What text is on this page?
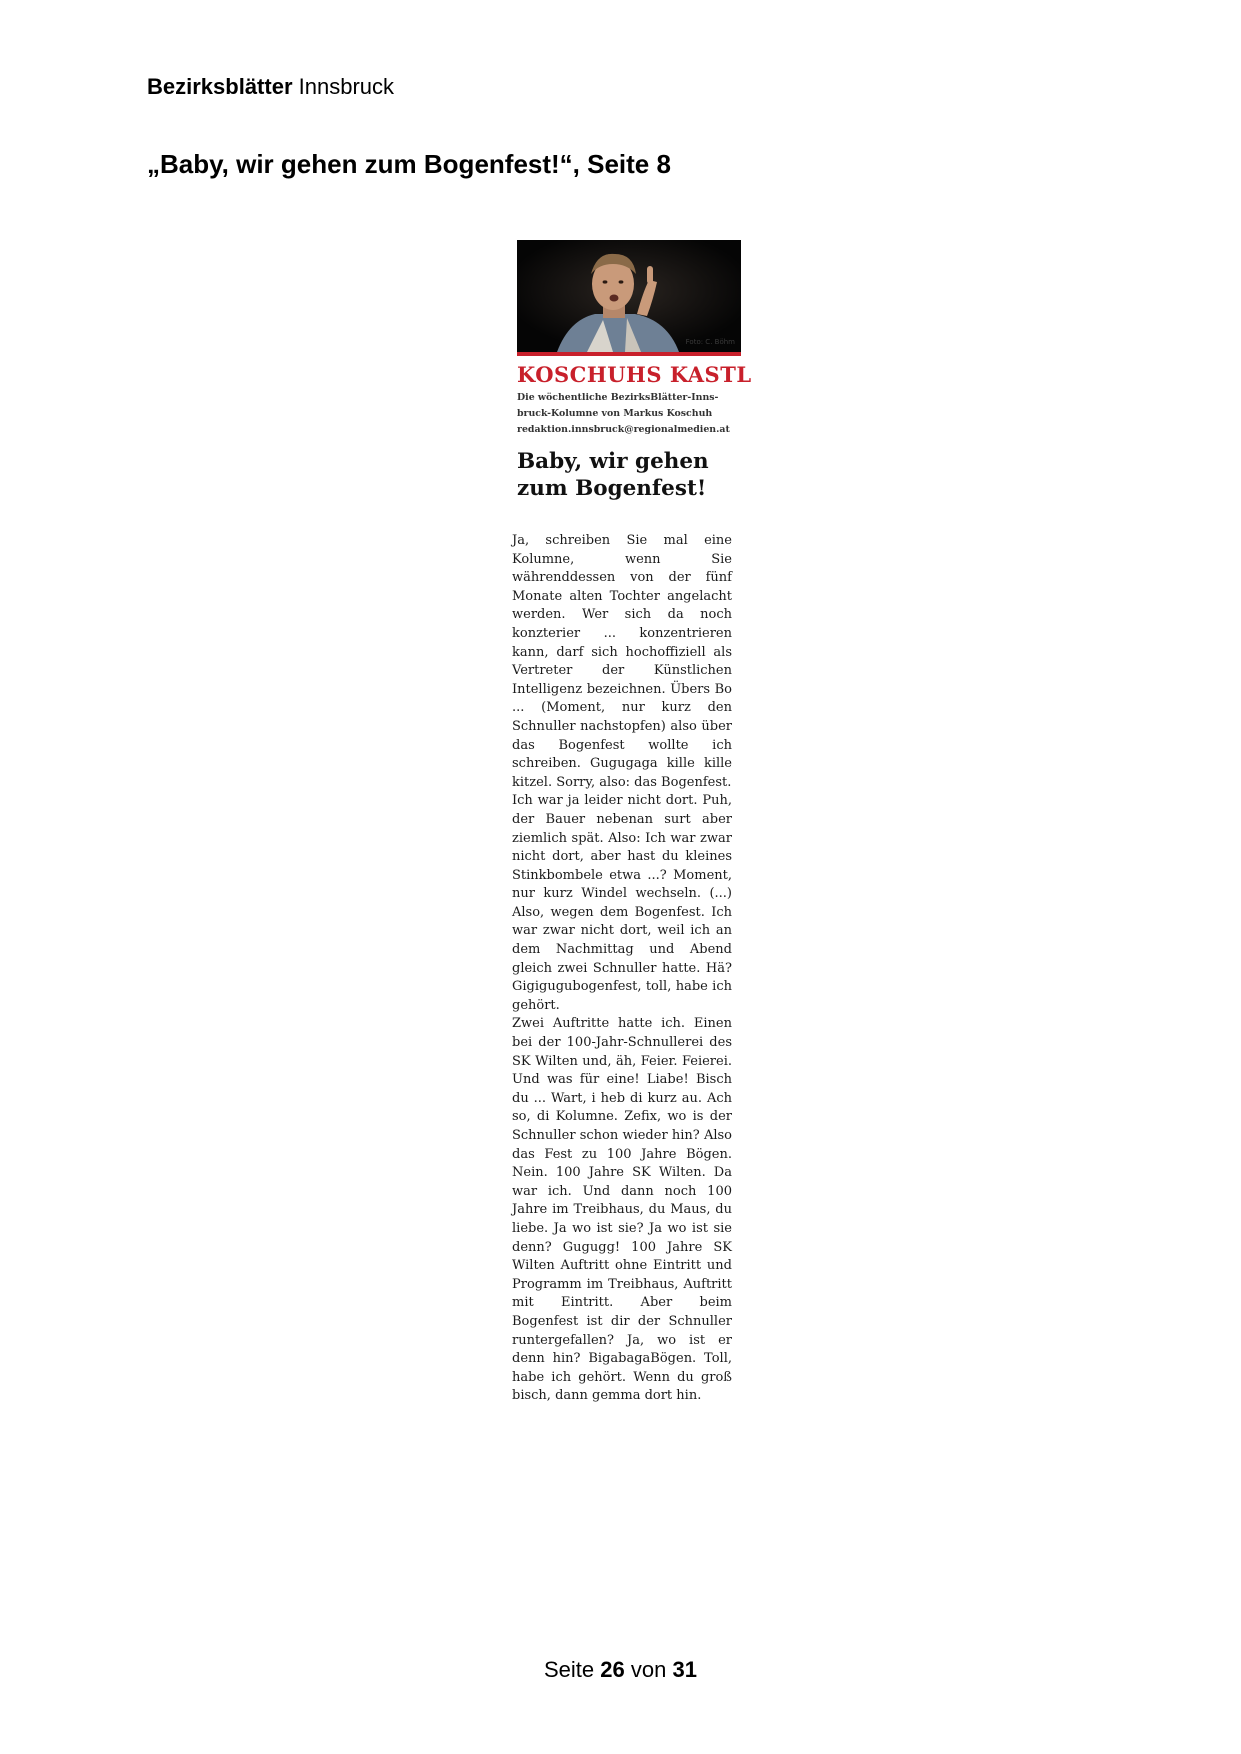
Bezirksblätter Innsbruck
„Baby, wir gehen zum Bogenfest!“, Seite 8
Foto: C. Böhm
KOSCHUHS KASTL
Die wöchentliche BezirksBlätter-Inns-
bruck-Kolumne von Markus Koschuh
redaktion.innsbruck@regionalmedien.at
Baby, wir gehen zum Bogenfest!

Ja, schreiben Sie mal eine Kolumne, wenn Sie währenddessen von der fünf Monate alten Tochter angelacht werden. Wer sich da noch konzterier ... konzentrieren kann, darf sich hochoffiziell als Vertreter der Künstlichen Intelligenz bezeichnen. Übers Bo ... (Moment, nur kurz den Schnuller nachstopfen) also über das Bogenfest wollte ich schreiben. Gugugaga kille kille kitzel. Sorry, also: das Bogenfest.

Ich war ja leider nicht dort. Puh, der Bauer nebenan surt aber ziemlich spät. Also: Ich war zwar nicht dort, aber hast du kleines Stinkbombele etwa ...? Moment, nur kurz Windel wechseln. (...) Also, wegen dem Bogenfest. Ich war zwar nicht dort, weil ich an dem Nachmittag und Abend gleich zwei Schnuller hatte. Hä? Gigigugubogenfest, toll, habe ich gehört.

Zwei Auftritte hatte ich. Einen bei der 100-Jahr-Schnullerei des SK Wilten und, äh, Feier. Feierei. Und was für eine! Liabe! Bisch du ... Wart, i heb di kurz au. Ach so, di Kolumne. Zefix, wo is der Schnuller schon wieder hin? Also das Fest zu 100 Jahre Bögen. Nein. 100 Jahre SK Wilten. Da war ich. Und dann noch 100 Jahre im Treibhaus, du Maus, du liebe. Ja wo ist sie? Ja wo ist sie denn? Gugugg! 100 Jahre SK Wilten Auftritt ohne Eintritt und Programm im Treibhaus, Auftritt mit Eintritt. Aber beim Bogenfest ist dir der Schnuller runtergefallen? Ja, wo ist er denn hin? BigabagaBögen. Toll, habe ich gehört. Wenn du groß bisch, dann gemma dort hin.

Seite 26 von 31
